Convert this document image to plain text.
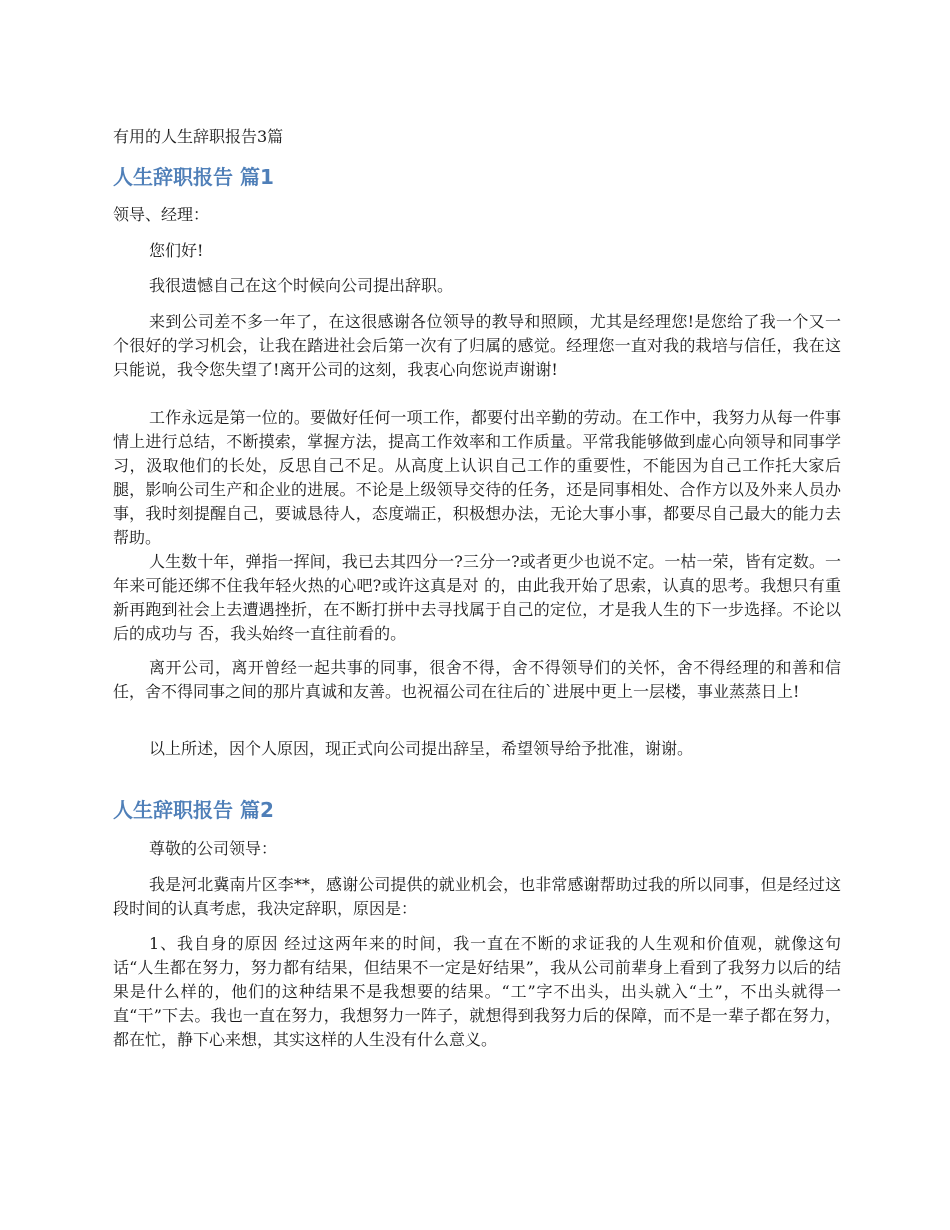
有用的人生辞职报告3篇
人生辞职报告 篇1

领导、经理：

您们好!

我很遗憾自己在这个时候向公司提出辞职。

来到公司差不多一年了，在这很感谢各位领导的教导和照顾，尤其是经理您!是您给了我一个又一个很好的学习机会，让我在踏进社会后第一次有了归属的感觉。经理您一直对我的栽培与信任，我在这只能说，我令您失望了!离开公司的这刻，我衷心向您说声谢谢!

工作永远是第一位的。要做好任何一项工作，都要付出辛勤的劳动。在工作中，我努力从每一件事情上进行总结，不断摸索，掌握方法，提高工作效率和工作质量。平常我能够做到虚心向领导和同事学习，汲取他们的长处，反思自己不足。从高度上认识自己工作的重要性，不能因为自己工作托大家后腿，影响公司生产和企业的进展。不论是上级领导交待的任务，还是同事相处、合作方以及外来人员办事，我时刻提醒自己，要诚恳待人，态度端正，积极想办法，无论大事小事，都要尽自己最大的能力去帮助。

人生数十年，弹指一挥间，我已去其四分一?三分一?或者更少也说不定。一枯一荣，皆有定数。一年来可能还绑不住我年轻火热的心吧?或许这真是对 的，由此我开始了思索，认真的思考。我想只有重新再跑到社会上去遭遇挫折，在不断打拼中去寻找属于自己的定位，才是我人生的下一步选择。不论以后的成功与 否，我头始终一直往前看的。

离开公司，离开曾经一起共事的同事，很舍不得，舍不得领导们的关怀，舍不得经理的和善和信任，舍不得同事之间的那片真诚和友善。也祝福公司在往后的`进展中更上一层楼，事业蒸蒸日上!

以上所述，因个人原因，现正式向公司提出辞呈，希望领导给予批准，谢谢。

人生辞职报告 篇2

尊敬的公司领导：

我是河北冀南片区李**，感谢公司提供的就业机会，也非常感谢帮助过我的所以同事，但是经过这段时间的认真考虑，我决定辞职，原因是：

1、我自身的原因 经过这两年来的时间，我一直在不断的求证我的人生观和价值观，就像这句话“人生都在努力，努力都有结果，但结果不一定是好结果”，我从公司前辈身上看到了我努力以后的结果是什么样的，他们的这种结果不是我想要的结果。“工”字不出头，出头就入“土”，不出头就得一直“干”下去。我也一直在努力，我想努力一阵子，就想得到我努力后的保障，而不是一辈子都在努力，都在忙，静下心来想，其实这样的人生没有什么意义。
